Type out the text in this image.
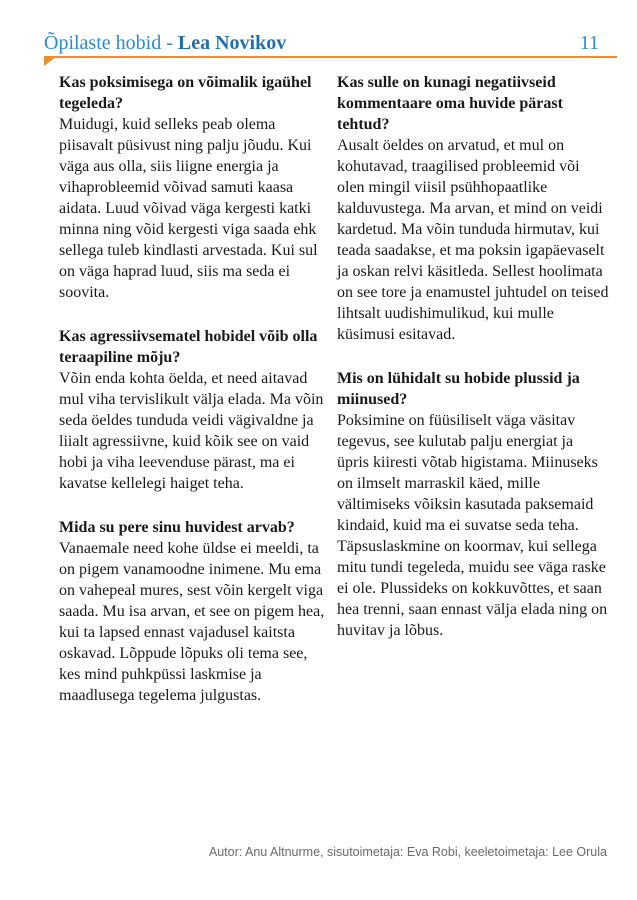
Õpilaste hobid - Lea Novikov	11

Kas poksimisega on võimalik igaühel tegeleda?

Muidugi, kuid selleks peab olema piisavalt püsivust ning palju jõudu. Kui väga aus olla, siis liigne energia ja vihaprobleemid võivad samuti kaasa aidata. Luud võivad väga kergesti katki minna ning võid kergesti viga saada ehk sellega tuleb kindlasti arvestada. Kui sul on väga haprad luud, siis ma seda ei soovita.

Kas agressiivsematel hobidel võib olla teraapiline mõju?

Võin enda kohta öelda, et need aitavad mul viha tervislikult välja elada. Ma võin seda öeldes tunduda veidi vägivaldne ja liialt agressiivne, kuid kõik see on vaid hobi ja viha leevenduse pärast, ma ei kavatse kellelegi haiget teha.

Mida su pere sinu huvidest arvab?

Vanaemale need kohe üldse ei meeldi, ta on pigem vanamoodne inimene. Mu ema on vahepeal mures, sest võin kergelt viga saada. Mu isa arvan, et see on pigem hea, kui ta lapsed ennast vajadusel kaitsta oskavad. Lõppude lõpuks oli tema see, kes mind puhkpüssi laskmise ja maadlusega tegelema julgustas.

Kas sulle on kunagi negatiivseid kommentaare oma huvide pärast tehtud?

Ausalt öeldes on arvatud, et mul on kohutavad, traagilised probleemid või olen mingil viisil psühhopaatlike kalduvustega. Ma arvan, et mind on veidi kardetud. Ma võin tunduda hirmutav, kui teada saadakse, et ma poksin igapäevaselt ja oskan relvi käsitleda. Sellest hoolimata on see tore ja enamustel juhtudel on teised lihtsalt uudishimulikud, kui mulle küsimusi esitavad.

Mis on lühidalt su hobide plussid ja miinused?

Poksimine on füüsiliselt väga väsitav tegevus, see kulutab palju energiat ja üpris kiiresti võtab higistama. Miinuseks on ilmselt marraskil käed, mille vältimiseks võiksin kasutada paksemaid kindaid, kuid ma ei suvatse seda teha. Täpsuslaskmine on koormav, kui sellega mitu tundi tegeleda, muidu see väga raske ei ole. Plussideks on kokkuvõttes, et saan hea trenni, saan ennast välja elada ning on huvitav ja lõbus.

Autor: Anu Altnurme, sisutoimetaja: Eva Robi, keeletoimetaja: Lee Orula
